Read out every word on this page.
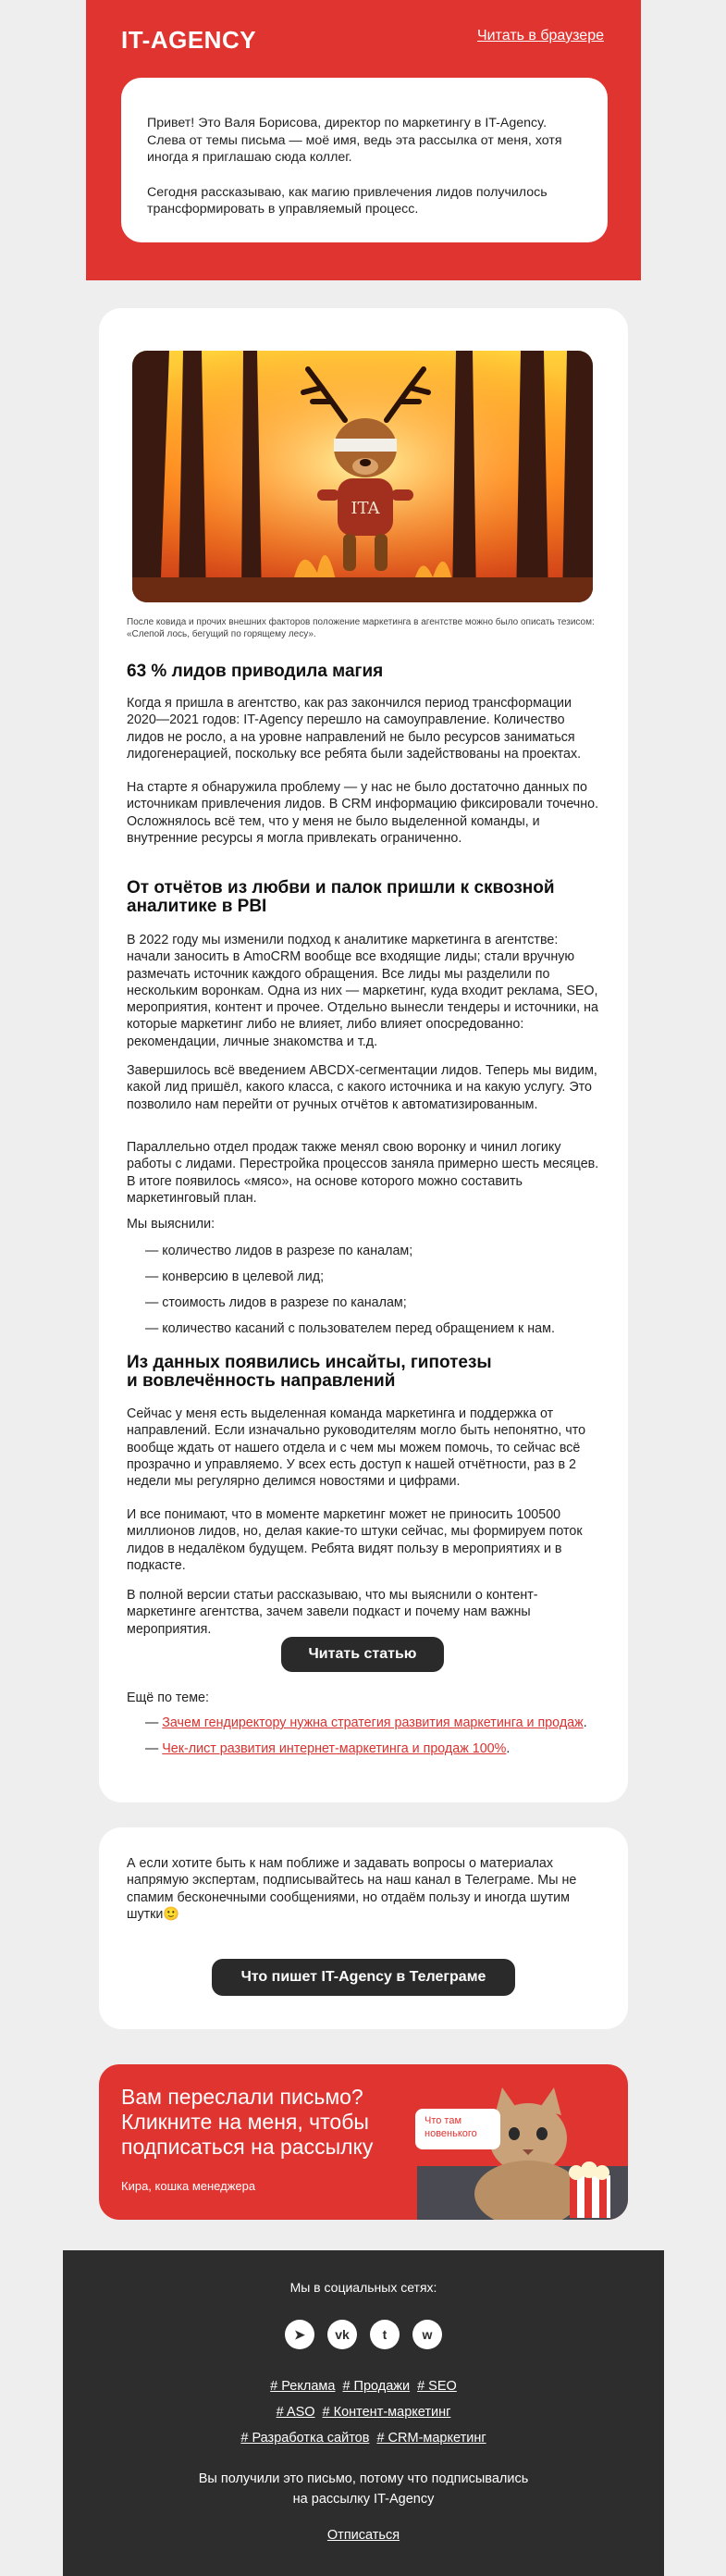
IT-AGENCY	Читать в браузере

Привет! Это Валя Борисова, директор по маркетингу в IT-Agency. Слева от темы письма — моё имя, ведь эта рассылка от меня, хотя иногда я приглашаю сюда коллег.

Сегодня рассказываю, как магию привлечения лидов получилось трансформировать в управляемый процесс.

ITA
После ковида и прочих внешних факторов положение маркетинга в агентстве можно было описать тезисом: «Слепой лось, бегущий по горящему лесу».
63 % лидов приводила магия

Когда я пришла в агентство, как раз закончился период трансформации 2020—2021 годов: IT-Agency перешло на самоуправление. Количество лидов не росло, а на уровне направлений не было ресурсов заниматься лидогенерацией, поскольку все ребята были задействованы на проектах.

На старте я обнаружила проблему — у нас не было достаточно данных по источникам привлечения лидов. В CRM информацию фиксировали точечно. Осложнялось всё тем, что у меня не было выделенной команды, и внутренние ресурсы я могла привлекать ограниченно.

От отчётов из любви и палок пришли к сквозной аналитике в PBI

В 2022 году мы изменили подход к аналитике маркетинга в агентстве: начали заносить в AmoCRM вообще все входящие лиды; стали вручную размечать источник каждого обращения. Все лиды мы разделили по нескольким воронкам. Одна из них — маркетинг, куда входит реклама, SEO, мероприятия, контент и прочее. Отдельно вынесли тендеры и источники, на которые маркетинг либо не влияет, либо влияет опосредованно: рекомендации, личные знакомства и т.д.

Завершилось всё введением ABCDX-сегментации лидов. Теперь мы видим, какой лид пришёл, какого класса, с какого источника и на какую услугу. Это позволило нам перейти от ручных отчётов к автоматизированным.

Параллельно отдел продаж также менял свою воронку и чинил логику работы с лидами. Перестройка процессов заняла примерно шесть месяцев. В итоге появилось «мясо», на основе которого можно составить маркетинговый план.

Мы выяснили:

— количество лидов в разрезе по каналам;
— конверсию в целевой лид;
— стоимость лидов в разрезе по каналам;
— количество касаний с пользователем перед обращением к нам.
Из данных появились инсайты, гипотезы и вовлечённость направлений

Сейчас у меня есть выделенная команда маркетинга и поддержка от направлений. Если изначально руководителям могло быть непонятно, что вообще ждать от нашего отдела и с чем мы можем помочь, то сейчас всё прозрачно и управляемо. У всех есть доступ к нашей отчётности, раз в 2 недели мы регулярно делимся новостями и цифрами.

И все понимают, что в моменте маркетинг может не приносить 100500 миллионов лидов, но, делая какие-то штуки сейчас, мы формируем поток лидов в недалёком будущем. Ребята видят пользу в мероприятиях и в подкасте.

В полной версии статьи рассказываю, что мы выяснили о контент-маркетинге агентства, зачем завели подкаст и почему нам важны мероприятия.

Читать статью

Ещё по теме:

— Зачем гендиректору нужна стратегия развития маркетинга и продаж.
— Чек-лист развития интернет-маркетинга и продаж 100%.

А если хотите быть к нам поближе и задавать вопросы о материалах напрямую экспертам, подписывайтесь на наш канал в Телеграме. Мы не спамим бесконечными сообщениями, но отдаём пользу и иногда шутим шутки🙂

Что пишет IT-Agency в Телеграме
Вам переслали письмо? Кликните на меня, чтобы подписаться на рассылку
Кира, кошка менеджера
Что там новенького
Мы в социальных сетях:
➤	vk	t	w
# Реклама # Продажи # SEO
# ASO # Контент-маркетинг
# Разработка сайтов # CRM-маркетинг
Вы получили это письмо, потому что подписывались
на рассылку IT-Agency
Отписаться
